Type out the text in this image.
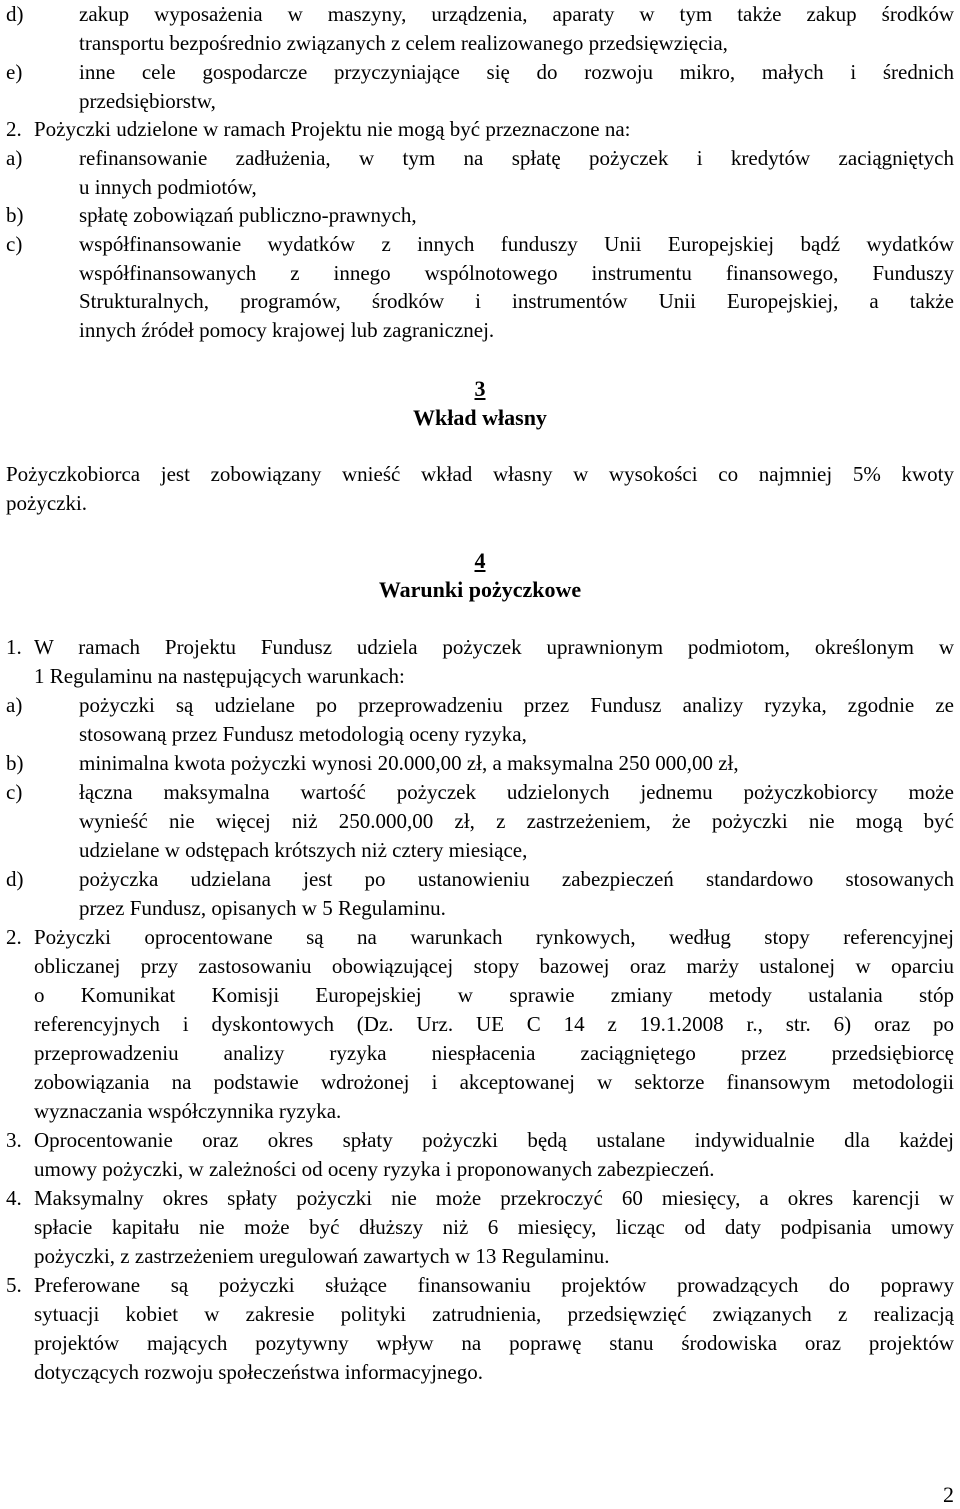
d)	zakup wyposażenia w maszyny, urządzenia, aparaty w tym także zakup środków
transportu bezpośrednio związanych z celem realizowanego przedsięwzięcia,
e)	inne cele gospodarcze przyczyniające się do rozwoju mikro, małych i średnich
przedsiębiorstw,
2. Pożyczki udzielone w ramach Projektu nie mogą być przeznaczone na:
a)	refinansowanie zadłużenia, w tym na spłatę pożyczek i kredytów zaciągniętych
u innych podmiotów,
b)	spłatę zobowiązań publiczno-prawnych,
c)	współfinansowanie wydatków z innych funduszy Unii Europejskiej bądź wydatków
współfinansowanych z innego wspólnotowego instrumentu finansowego, Funduszy
Strukturalnych, programów, środków i instrumentów Unii Europejskiej, a także
innych źródeł pomocy krajowej lub zagranicznej.
3
Wkład własny
Pożyczkobiorca jest zobowiązany wnieść wkład własny w wysokości co najmniej 5% kwoty
pożyczki.
4
Warunki pożyczkowe
1. W ramach Projektu Fundusz udziela pożyczek uprawnionym podmiotom, określonym w
1 Regulaminu na następujących warunkach:
a)	pożyczki są udzielane po przeprowadzeniu przez Fundusz analizy ryzyka, zgodnie ze
stosowaną przez Fundusz metodologią oceny ryzyka,
b)	minimalna kwota pożyczki wynosi 20.000,00 zł, a maksymalna 250 000,00 zł,
c)	łączna maksymalna wartość pożyczek udzielonych jednemu pożyczkobiorcy może
wynieść nie więcej niż 250.000,00 zł, z zastrzeżeniem, że pożyczki nie mogą być
udzielane w odstępach krótszych niż cztery miesiące,
d)	pożyczka udzielana jest po ustanowieniu zabezpieczeń standardowo stosowanych
przez Fundusz, opisanych w 5 Regulaminu.
2. Pożyczki oprocentowane są na warunkach rynkowych, według stopy referencyjnej
obliczanej przy zastosowaniu obowiązującej stopy bazowej oraz marży ustalonej w oparciu
o Komunikat Komisji Europejskiej w sprawie zmiany metody ustalania stóp
referencyjnych i dyskontowych (Dz. Urz. UE C 14 z 19.1.2008 r., str. 6) oraz po
przeprowadzeniu analizy ryzyka niespłacenia zaciągniętego przez przedsiębiorcę
zobowiązania na podstawie wdrożonej i akceptowanej w sektorze finansowym metodologii
wyznaczania współczynnika ryzyka.
3. Oprocentowanie oraz okres spłaty pożyczki będą ustalane indywidualnie dla każdej
umowy pożyczki, w zależności od oceny ryzyka i proponowanych zabezpieczeń.
4. Maksymalny okres spłaty pożyczki nie może przekroczyć 60 miesięcy, a okres karencji w
spłacie kapitału nie może być dłuższy niż 6 miesięcy, licząc od daty podpisania umowy
pożyczki, z zastrzeżeniem uregulowań zawartych w 13 Regulaminu.
5. Preferowane są pożyczki służące finansowaniu projektów prowadzących do poprawy
sytuacji kobiet w zakresie polityki zatrudnienia, przedsięwzięć związanych z realizacją
projektów mających pozytywny wpływ na poprawę stanu środowiska oraz projektów
dotyczących rozwoju społeczeństwa informacyjnego.
2
